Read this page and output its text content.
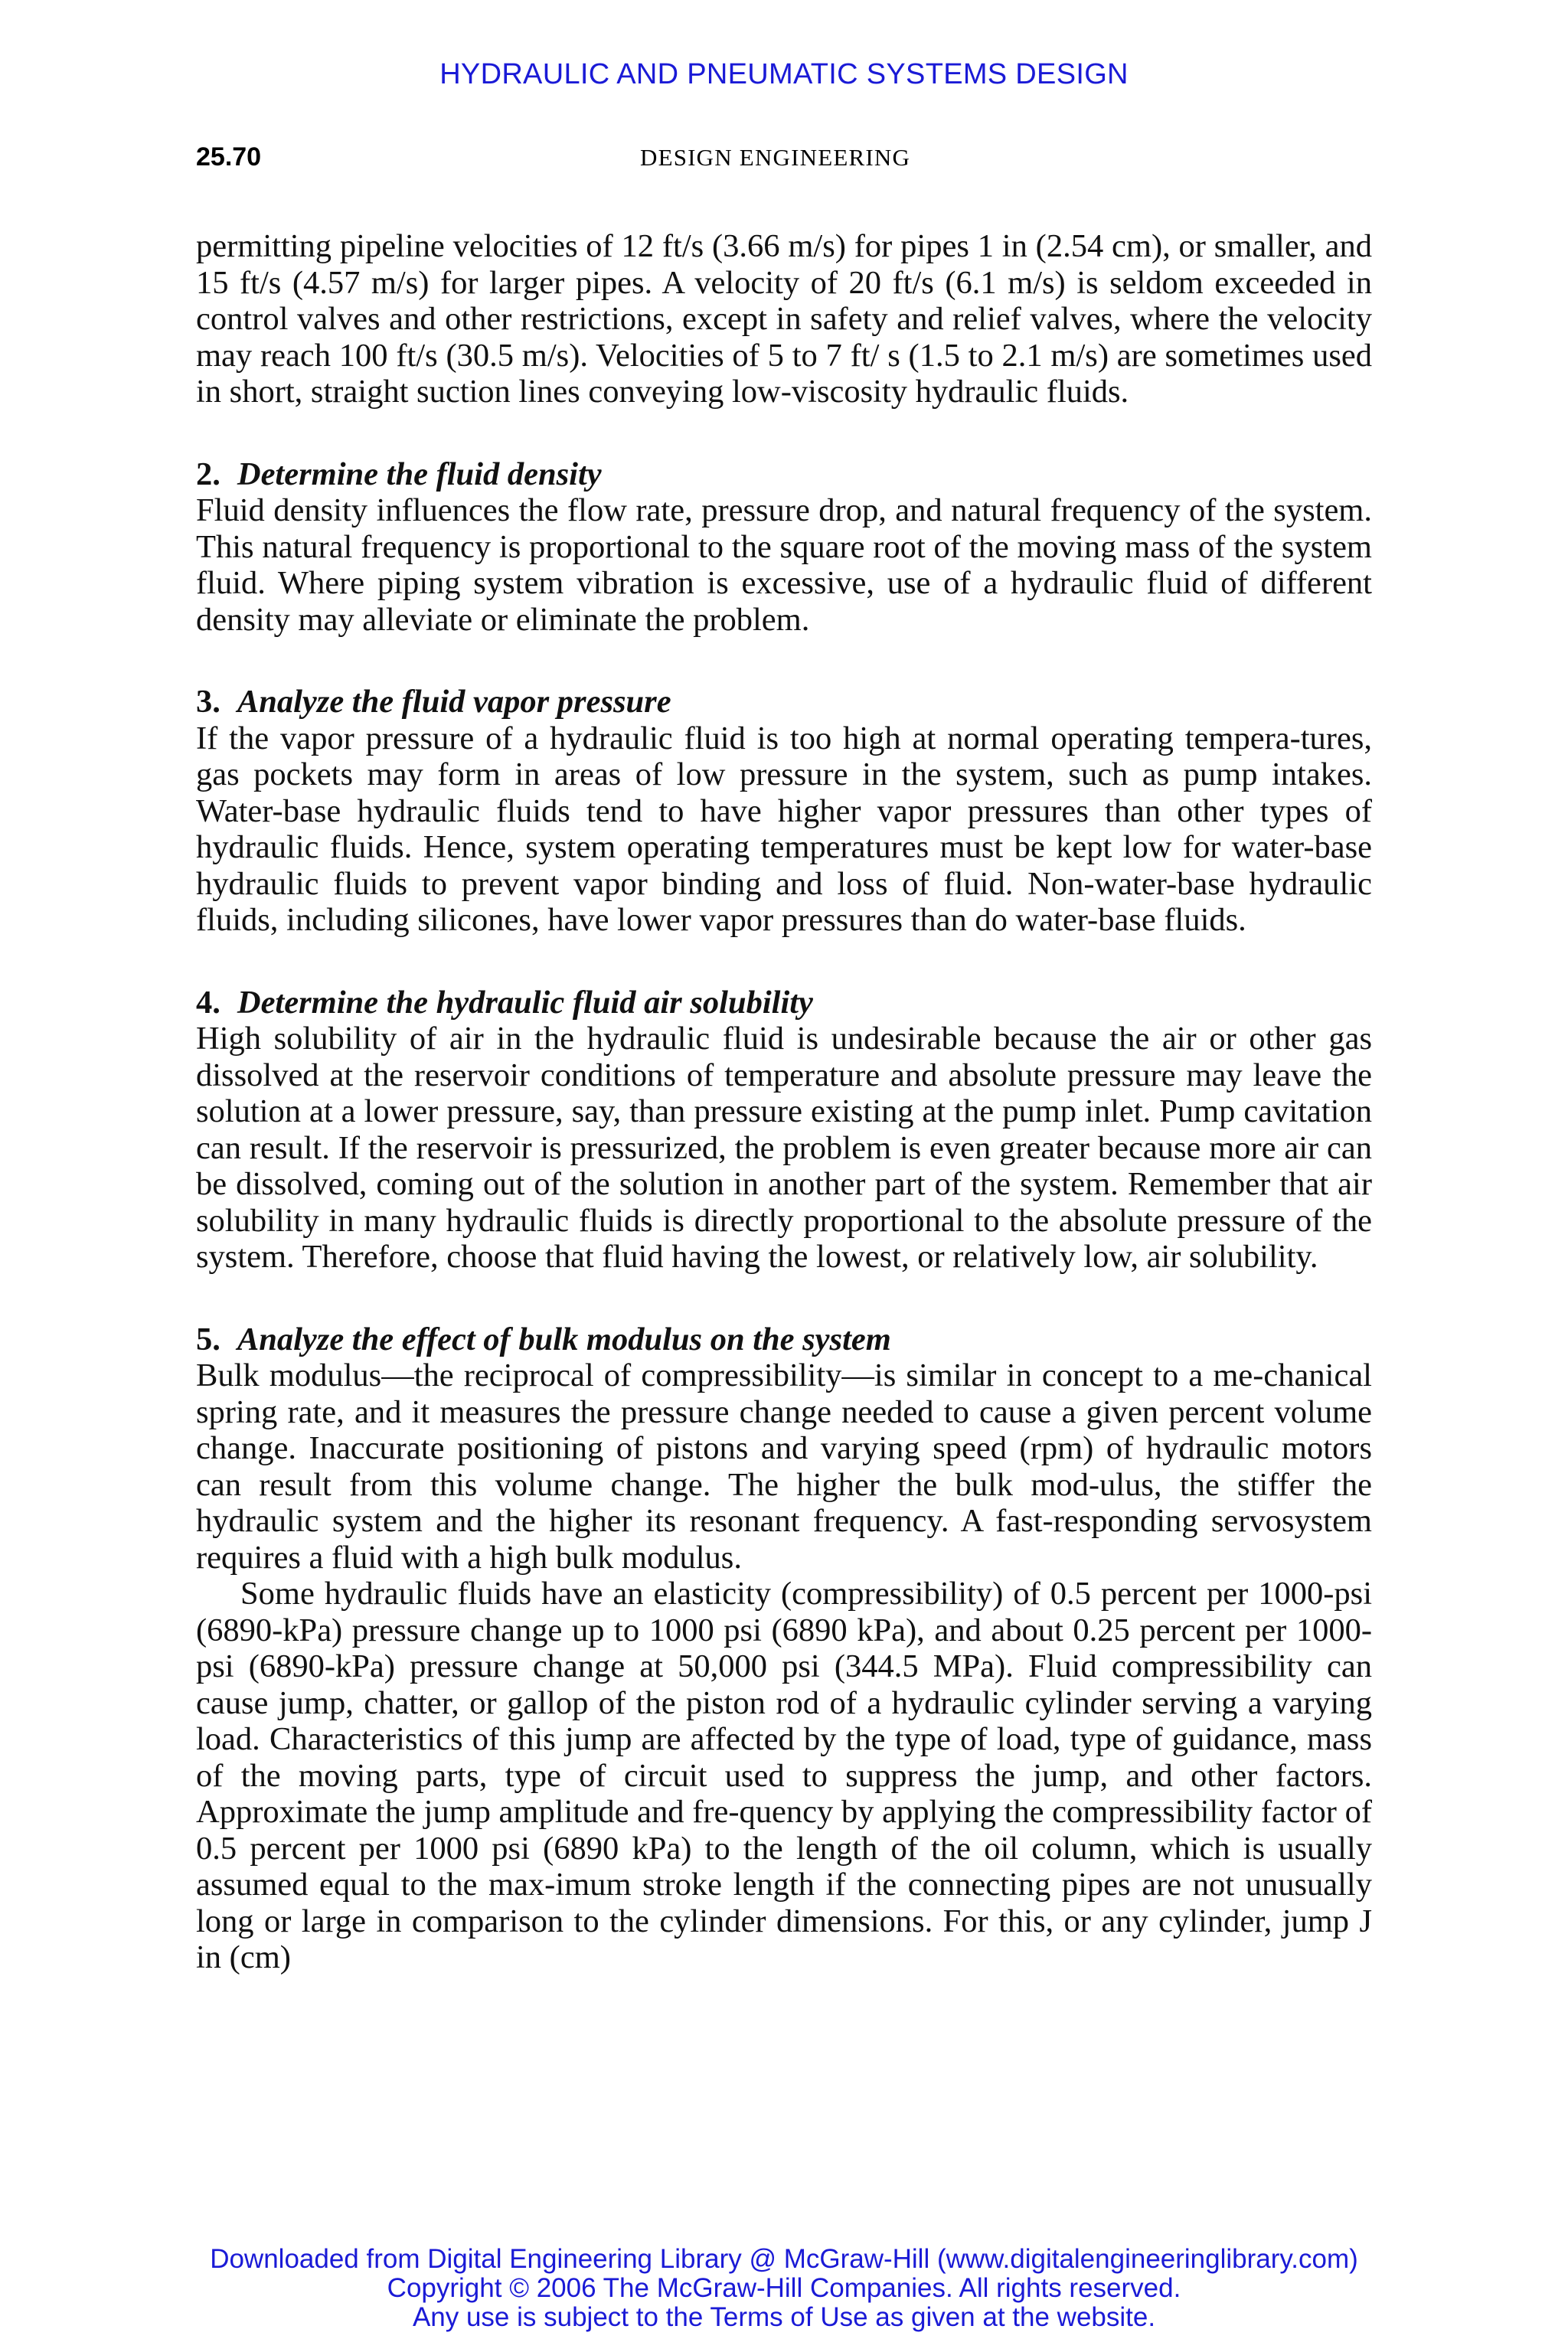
HYDRAULIC AND PNEUMATIC SYSTEMS DESIGN
25.70	DESIGN ENGINEERING

permitting pipeline velocities of 12 ft/s (3.66 m/s) for pipes 1 in (2.54 cm), or smaller, and 15 ft/s (4.57 m/s) for larger pipes. A velocity of 20 ft/s (6.1 m/s) is seldom exceeded in control valves and other restrictions, except in safety and relief valves, where the velocity may reach 100 ft/s (30.5 m/s). Velocities of 5 to 7 ft/ s (1.5 to 2.1 m/s) are sometimes used in short, straight suction lines conveying low-viscosity hydraulic fluids.

2. Determine the fluid density

Fluid density influences the flow rate, pressure drop, and natural frequency of the system. This natural frequency is proportional to the square root of the moving mass of the system fluid. Where piping system vibration is excessive, use of a hydraulic fluid of different density may alleviate or eliminate the problem.

3. Analyze the fluid vapor pressure

If the vapor pressure of a hydraulic fluid is too high at normal operating tempera-tures, gas pockets may form in areas of low pressure in the system, such as pump intakes. Water-base hydraulic fluids tend to have higher vapor pressures than other types of hydraulic fluids. Hence, system operating temperatures must be kept low for water-base hydraulic fluids to prevent vapor binding and loss of fluid. Non-water-base hydraulic fluids, including silicones, have lower vapor pressures than do water-base fluids.

4. Determine the hydraulic fluid air solubility

High solubility of air in the hydraulic fluid is undesirable because the air or other gas dissolved at the reservoir conditions of temperature and absolute pressure may leave the solution at a lower pressure, say, than pressure existing at the pump inlet. Pump cavitation can result. If the reservoir is pressurized, the problem is even greater because more air can be dissolved, coming out of the solution in another part of the system. Remember that air solubility in many hydraulic fluids is directly proportional to the absolute pressure of the system. Therefore, choose that fluid having the lowest, or relatively low, air solubility.

5. Analyze the effect of bulk modulus on the system

Bulk modulus—the reciprocal of compressibility—is similar in concept to a me-chanical spring rate, and it measures the pressure change needed to cause a given percent volume change. Inaccurate positioning of pistons and varying speed (rpm) of hydraulic motors can result from this volume change. The higher the bulk mod-ulus, the stiffer the hydraulic system and the higher its resonant frequency. A fast-responding servosystem requires a fluid with a high bulk modulus.

Some hydraulic fluids have an elasticity (compressibility) of 0.5 percent per 1000-psi (6890-kPa) pressure change up to 1000 psi (6890 kPa), and about 0.25 percent per 1000-psi (6890-kPa) pressure change at 50,000 psi (344.5 MPa). Fluid compressibility can cause jump, chatter, or gallop of the piston rod of a hydraulic cylinder serving a varying load. Characteristics of this jump are affected by the type of load, type of guidance, mass of the moving parts, type of circuit used to suppress the jump, and other factors. Approximate the jump amplitude and fre-quency by applying the compressibility factor of 0.5 percent per 1000 psi (6890 kPa) to the length of the oil column, which is usually assumed equal to the max-imum stroke length if the connecting pipes are not unusually long or large in comparison to the cylinder dimensions. For this, or any cylinder, jump J in (cm)

Downloaded from Digital Engineering Library @ McGraw-Hill (www.digitalengineeringlibrary.com)
Copyright © 2006 The McGraw-Hill Companies. All rights reserved.
Any use is subject to the Terms of Use as given at the website.
